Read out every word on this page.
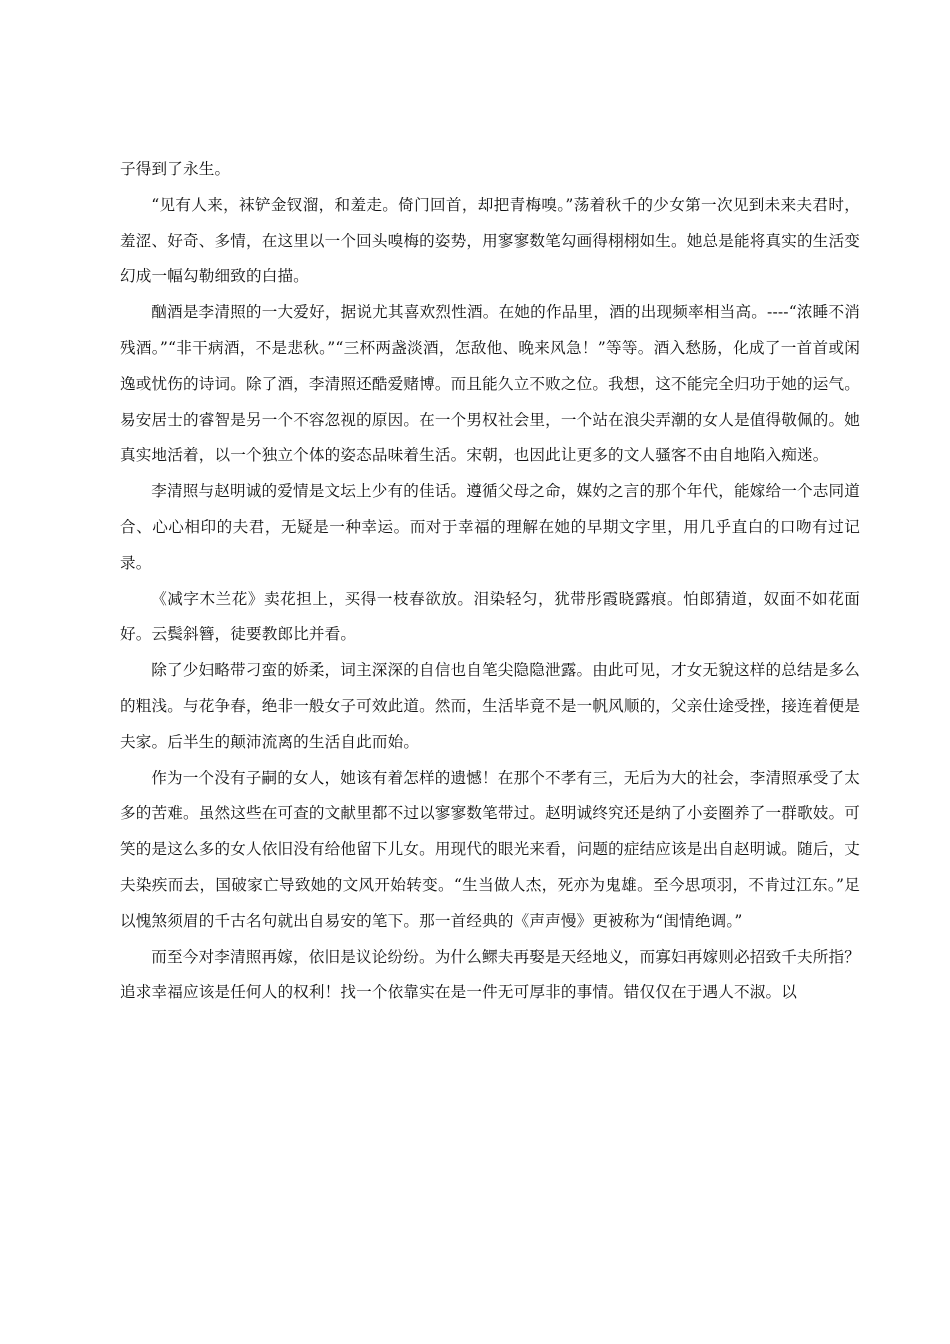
子得到了永生。

“见有人来，袜铲金钗溜，和羞走。倚门回首，却把青梅嗅。”荡着秋千的少女第一次见到未来夫君时，羞涩、好奇、多情，在这里以一个回头嗅梅的姿势，用寥寥数笔勾画得栩栩如生。她总是能将真实的生活变幻成一幅勾勒细致的白描。

酗酒是李清照的一大爱好，据说尤其喜欢烈性酒。在她的作品里，酒的出现频率相当高。----“浓睡不消残酒。”“非干病酒，不是悲秋。”“三杯两盏淡酒，怎敌他、晚来风急！”等等。酒入愁肠，化成了一首首或闲逸或忧伤的诗词。除了酒，李清照还酷爱赌博。而且能久立不败之位。我想，这不能完全归功于她的运气。易安居士的睿智是另一个不容忽视的原因。在一个男权社会里，一个站在浪尖弄潮的女人是值得敬佩的。她真实地活着，以一个独立个体的姿态品味着生活。宋朝，也因此让更多的文人骚客不由自地陷入痴迷。

李清照与赵明诚的爱情是文坛上少有的佳话。遵循父母之命，媒妁之言的那个年代，能嫁给一个志同道合、心心相印的夫君，无疑是一种幸运。而对于幸福的理解在她的早期文字里，用几乎直白的口吻有过记录。

《减字木兰花》卖花担上，买得一枝春欲放。泪染轻匀，犹带彤霞晓露痕。怕郎猜道，奴面不如花面好。云鬓斜簪，徒要教郎比并看。

除了少妇略带刁蛮的娇柔，词主深深的自信也自笔尖隐隐泄露。由此可见，才女无貌这样的总结是多么的粗浅。与花争春，绝非一般女子可效此道。然而，生活毕竟不是一帆风顺的，父亲仕途受挫，接连着便是夫家。后半生的颠沛流离的生活自此而始。

作为一个没有子嗣的女人，她该有着怎样的遗憾！在那个不孝有三，无后为大的社会，李清照承受了太多的苦难。虽然这些在可查的文献里都不过以寥寥数笔带过。赵明诚终究还是纳了小妾圈养了一群歌妓。可笑的是这么多的女人依旧没有给他留下儿女。用现代的眼光来看，问题的症结应该是出自赵明诚。随后，丈夫染疾而去，国破家亡导致她的文风开始转变。“生当做人杰，死亦为鬼雄。至今思项羽，不肯过江东。”足以愧煞须眉的千古名句就出自易安的笔下。那一首经典的《声声慢》更被称为“闺情绝调。”

而至今对李清照再嫁，依旧是议论纷纷。为什么鳏夫再娶是天经地义，而寡妇再嫁则必招致千夫所指？追求幸福应该是任何人的权利！找一个依靠实在是一件无可厚非的事情。错仅仅在于遇人不淑。以
